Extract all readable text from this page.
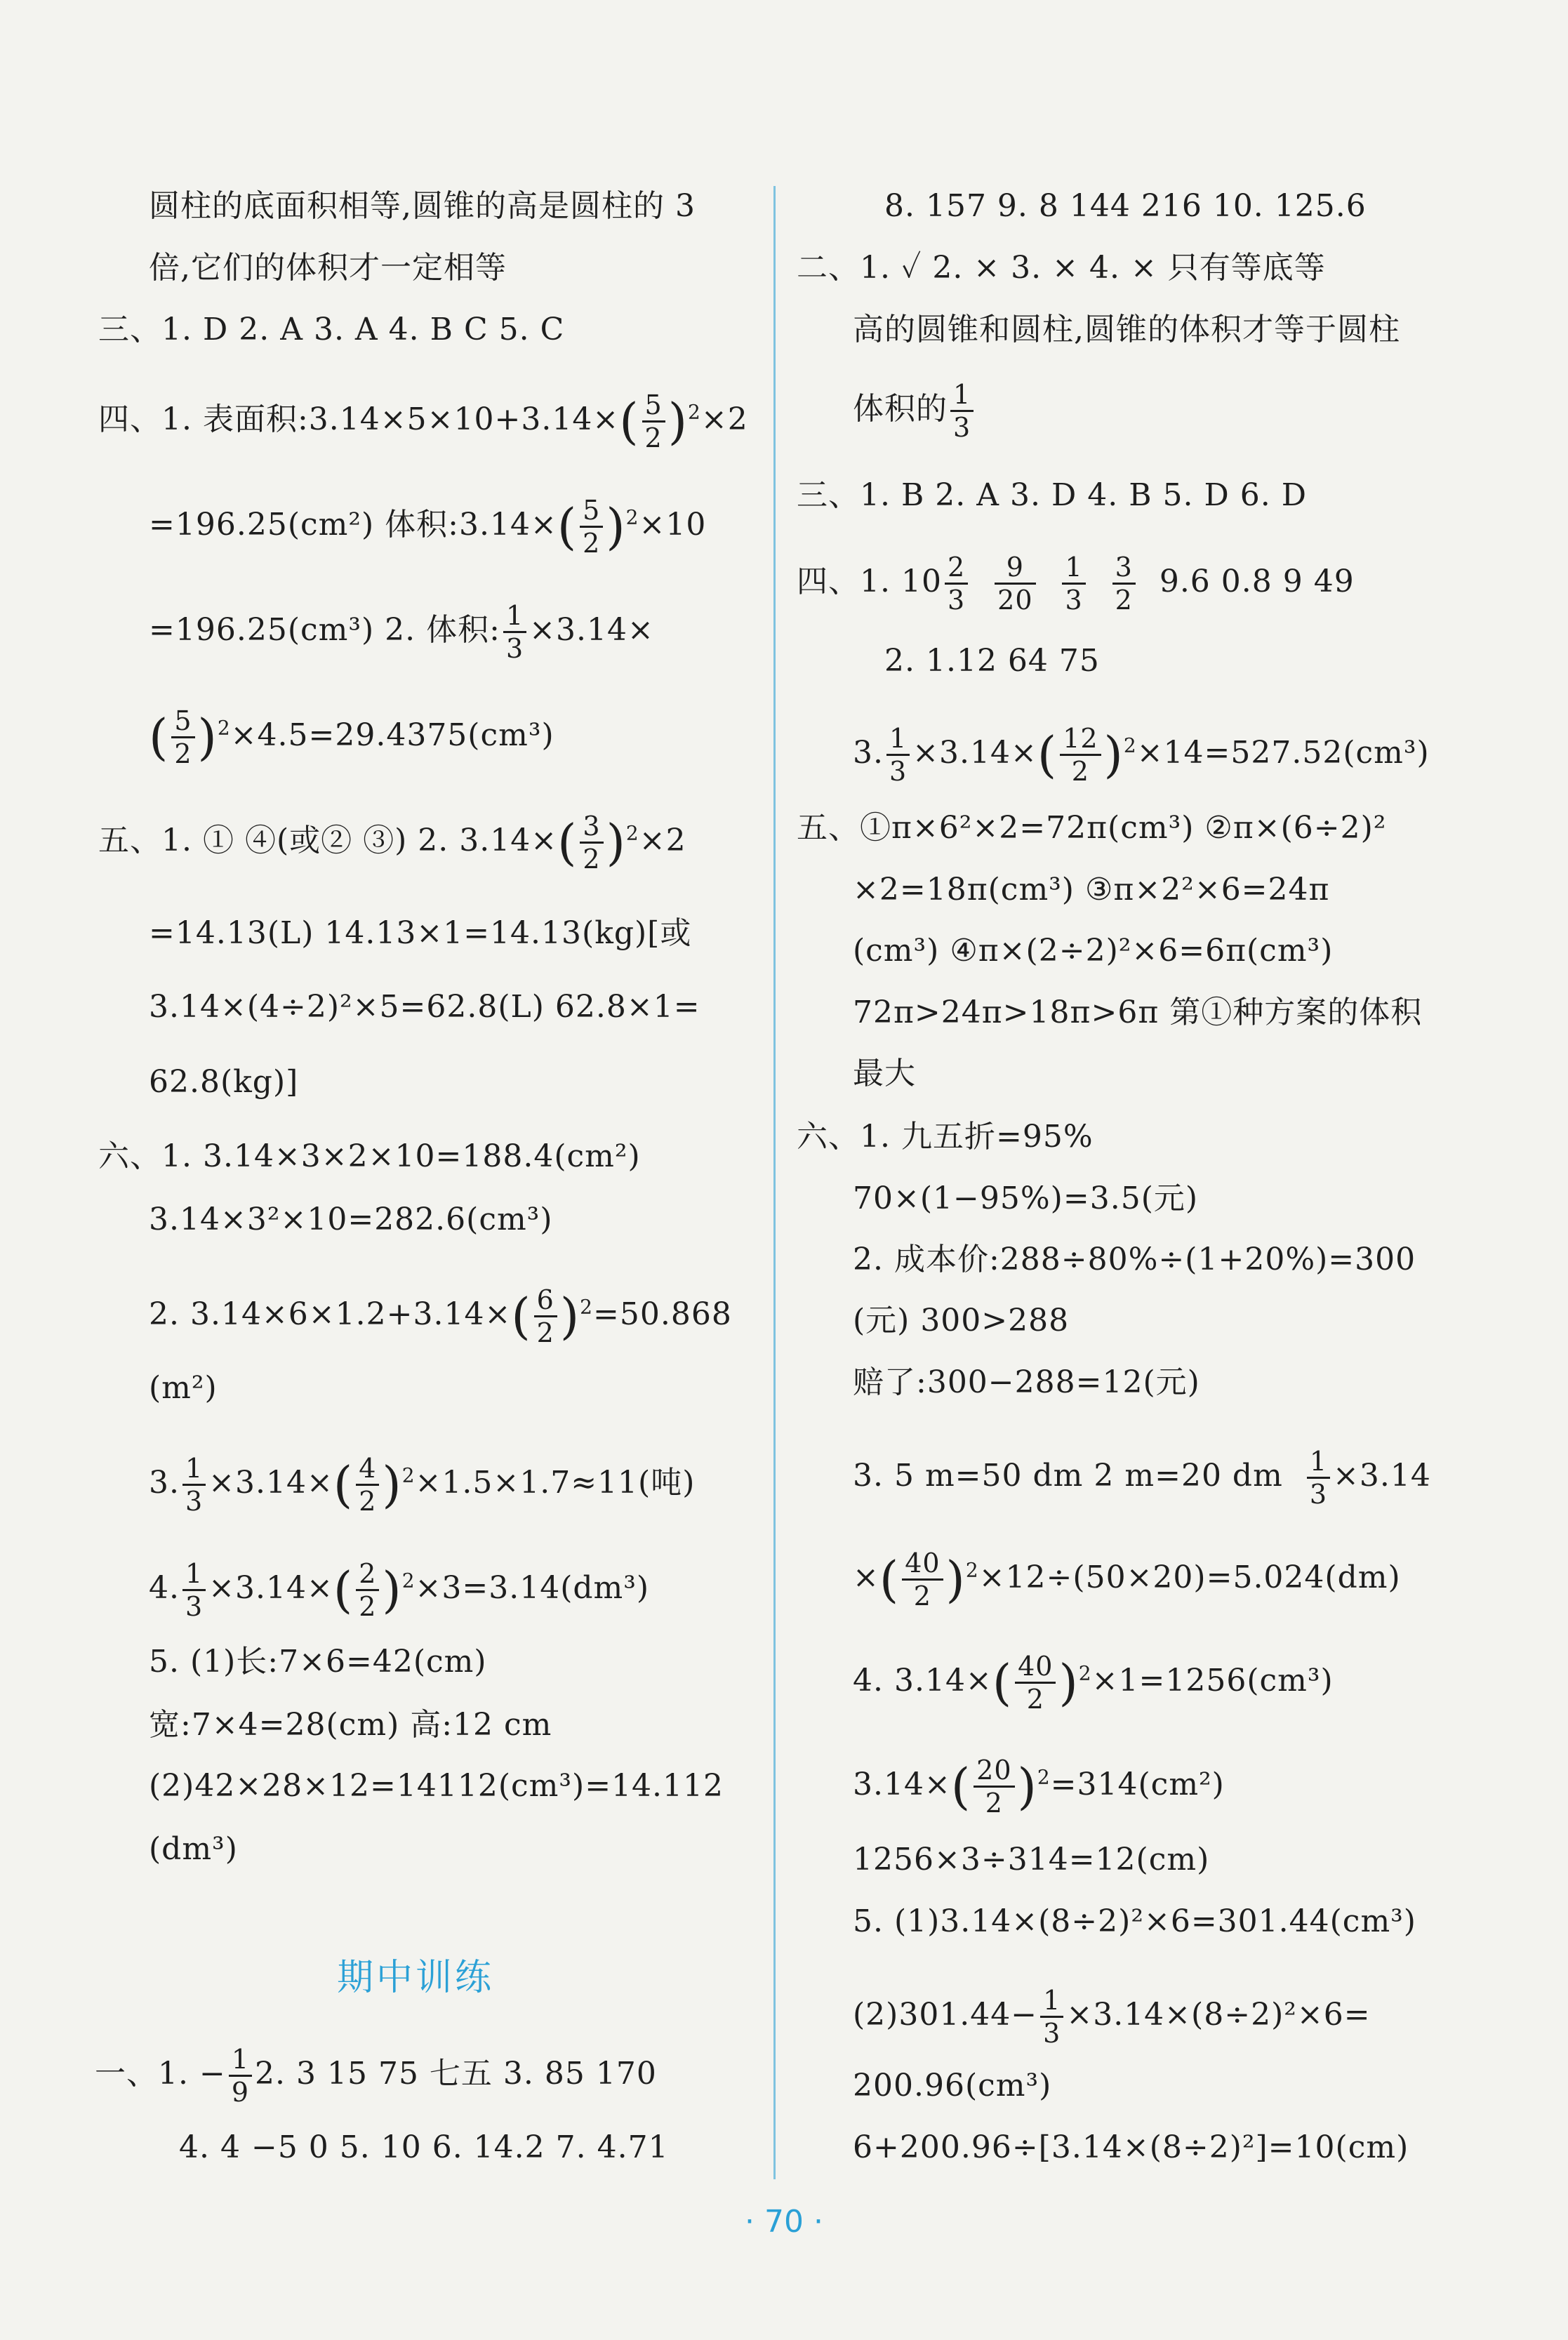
圆柱的底面积相等,圆锥的高是圆柱的 3
倍,它们的体积才一定相等
三、1. D 2. A 3. A 4. B C 5. C
四、1. 表面积:3.14×5×10+3.14×( $\frac{5}{2} )^2\times 2$
=196.25(cm²) 体积:3.14×( $\frac{5}{2} )^2\times 10$
=196.25(cm³) 2. 体积: $\frac{1}{3} \times 3.14\times$
( $\frac{5}{2} )^2\times 4.5=29.4375(cm^3)$
五、1. ① ④(或② ③) 2. $3.14\times( \frac{3}{2} )^2\times 2$
=14.13(L) 14.13×1=14.13(kg)[或
3.14×(4÷2)²×5=62.8(L) 62.8×1=
62.8(kg)]
六、1. 3.14×3×2×10=188.4(cm²)
3.14×3²×10=282.6(cm³)
2. $3.14\times 6\times 1.2+3.14\times( \frac{6}{2} )^2=50.868$
(m²)
3. $\frac{1}{3} \times 3.14\times( \frac{4}{2} )^2\times 1.5\times 1.7\approx 11$(吨)
4. $\frac{1}{3} \times 3.14\times( \frac{2}{2} )^2\times 3=3.14(dm^3)$
5. (1)长:7×6=42(cm)
宽:7×4=28(cm) 高:12 cm
(2)42×28×12=14112(cm³)=14.112
(dm³)
一、1. − $\frac{1}{9} 2$. 3 15 75 七五 3. 85 170
4. 4 −5 0 5. 10 6. 14.2 7. 4.71
期中训练
8. 157 9. 8 144 216 10. 125.6
二、1. ✓ 2. × 3. × 4. × 只有等底等
高的圆锥和圆柱,圆锥的体积才等于圆柱
体积的 $\frac{1}{3}$
三、1. B 2. A 3. D 4. B 5. D 6. D
四、1. $10 \frac{2}{3}$
$\frac{9}{20}$
$\frac{1}{3}$
$\frac{3}{2} 9.6$ 0.8 9 49
2. 1.12 64 75
3. $\frac{1}{3} \times 3.14\times( \frac{12}{2} )^2\times 14=527.52(cm^3)$
五、①π×6²×2=72π(cm³) ②π×(6÷2)²
×2=18π(cm³) ③π×2²×6=24π
(cm³) ④π×(2÷2)²×6=6π(cm³)
72π>24π>18π>6π 第①种方案的体积
最大
六、1. 九五折=95%
70×(1−95%)=3.5(元)
2. 成本价:288÷80%÷(1+20%)=300
(元) 300>288
赔了:300−288=12(元)
3. 5 m=50 dm 2 m=20 dm $\frac{1}{3} \times 3.14$
×( $\frac{40}{2} )^2\times 12\div(50\times 20)=5.024(dm)$
4. $3.14\times( \frac{40}{2} )^2\times 1=1256(cm^3)$
$3.14\times( \frac{20}{2} )^2=314(cm^2)$
1256×3÷314=12(cm)
5. (1)3.14×(8÷2)²×6=301.44(cm³)
$(2)301.44- \frac{1}{3} \times 3.14\times(8\div 2)^2\times 6=$
200.96(cm³)
6+200.96÷[3.14×(8÷2)²]=10(cm)
· 70 ·
